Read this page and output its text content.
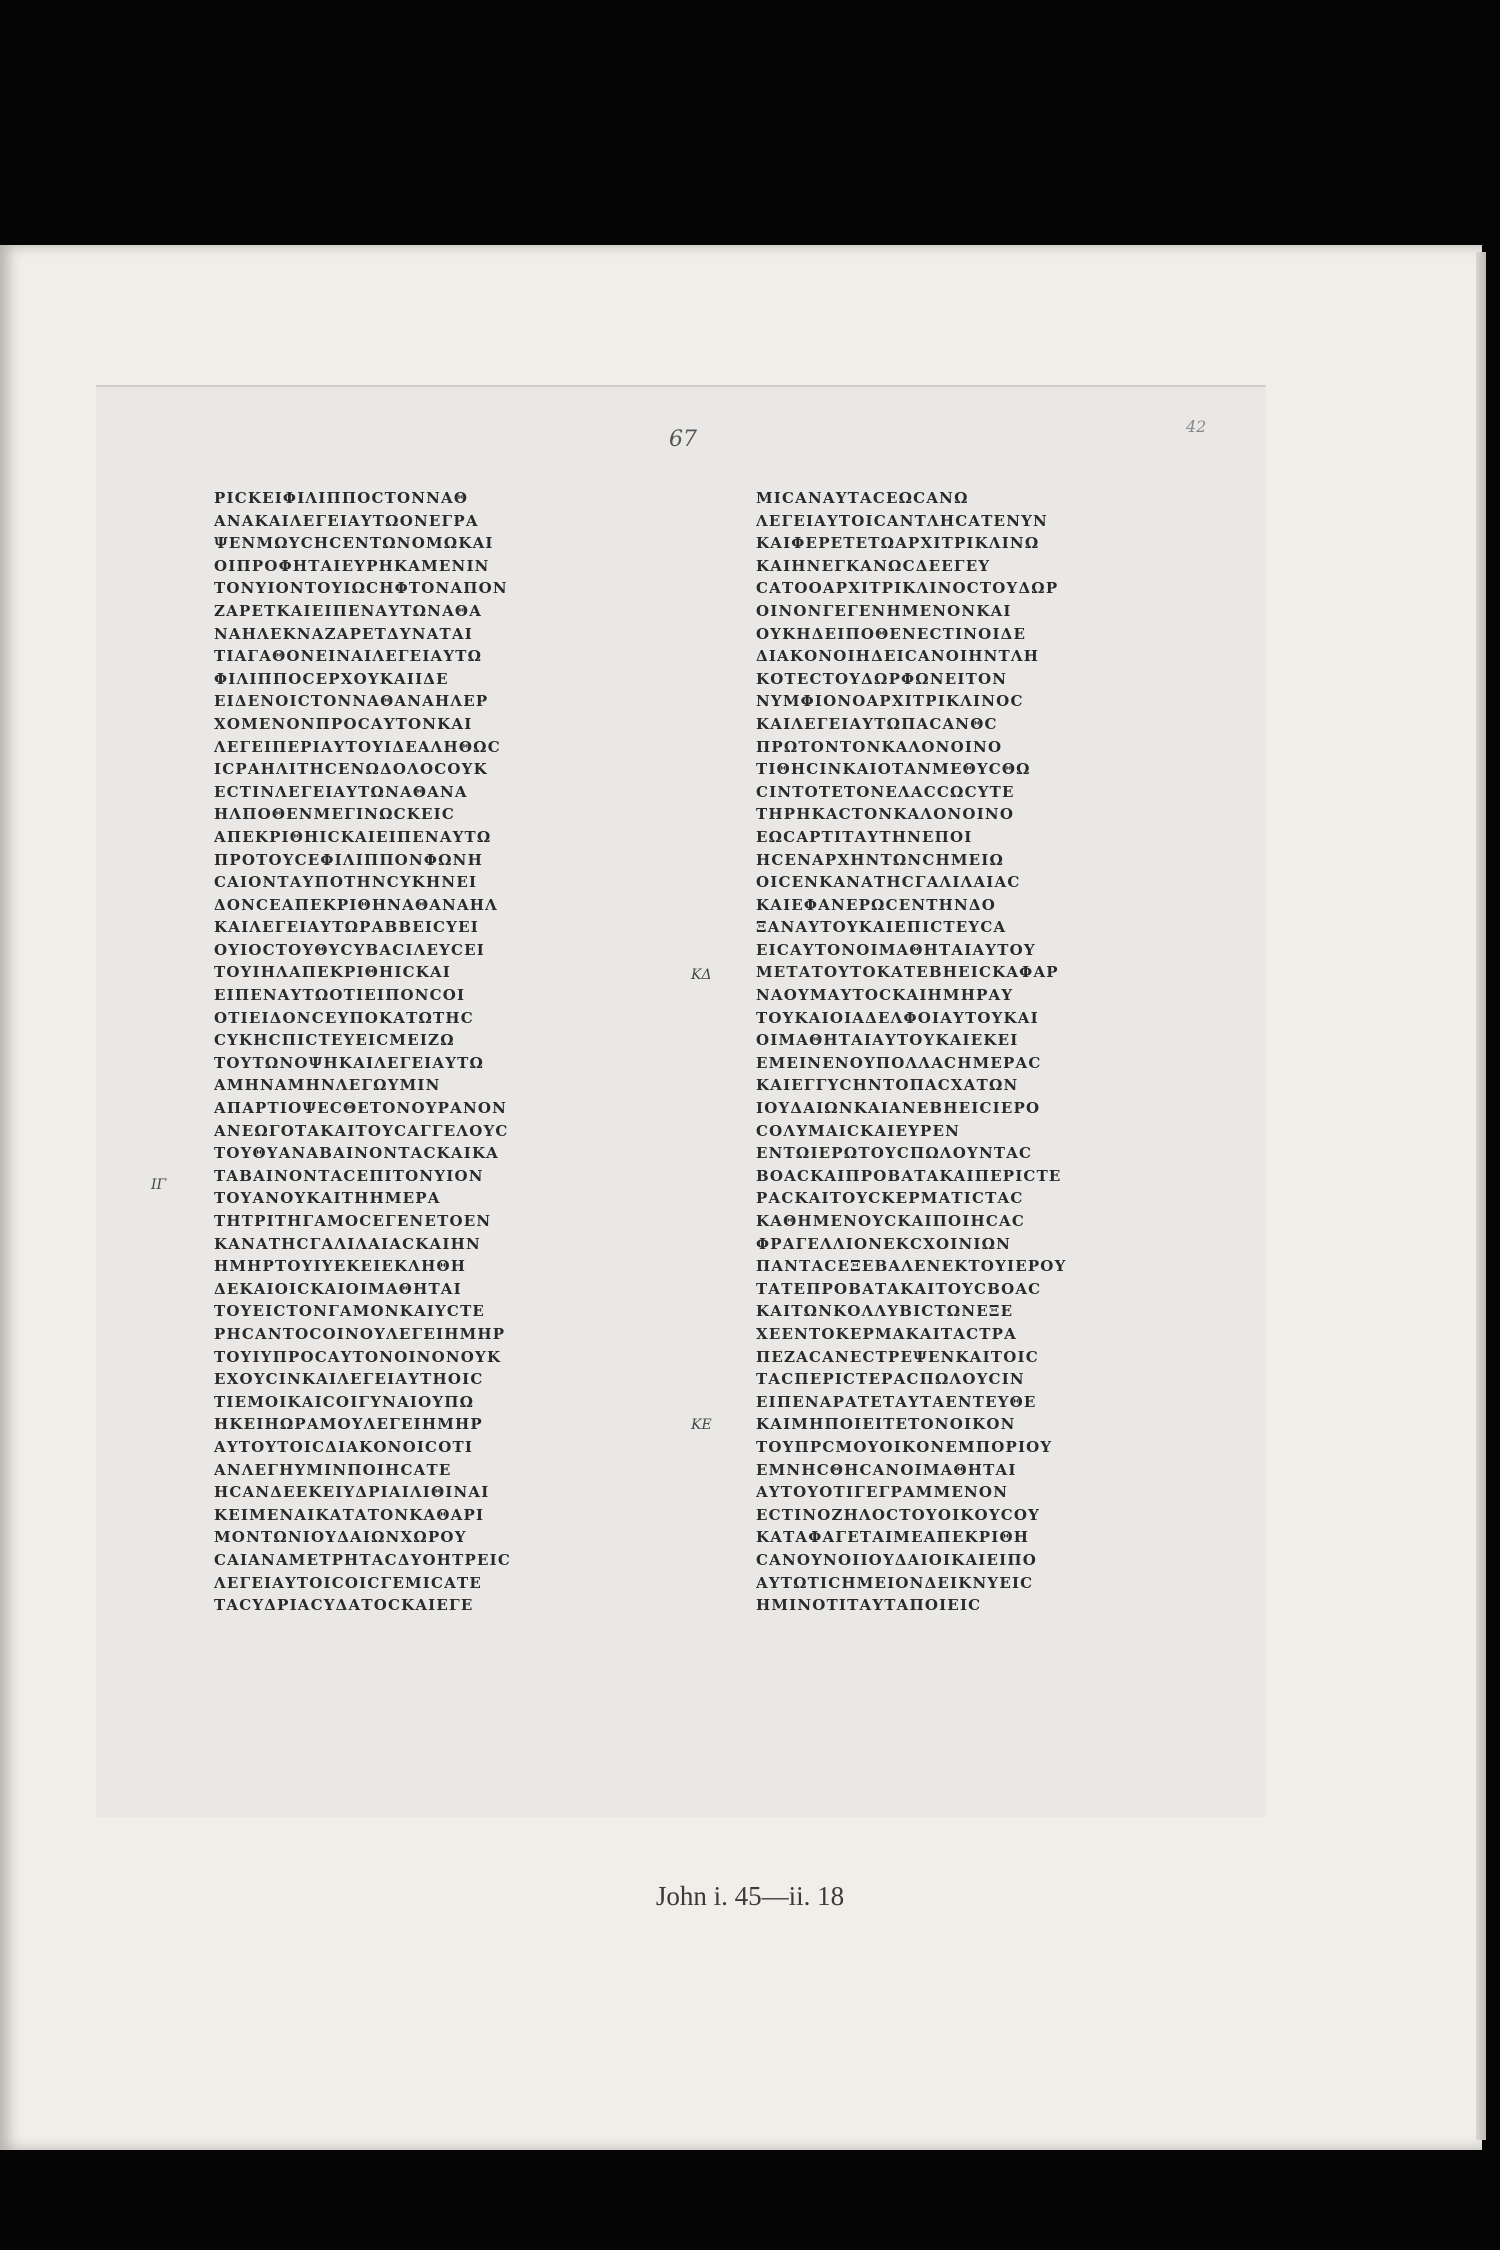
67
42
ΡΙCΚΕΙΦΙΛΙΠΠΟCΤΟΝΝΑΘ
ΑΝΑΚΑΙΛΕΓΕΙΑΥΤΩΟΝΕΓΡΑ
ΨΕΝΜΩΥCΗCΕΝΤΩΝΟΜΩΚΑΙ
ΟΙΠΡΟΦΗΤΑΙΕΥΡΗΚΑΜΕΝΙΝ
ΤΟΝΥΙΟΝΤΟΥΙΩCΗΦΤΟΝΑΠΟΝ
ΖΑΡΕΤΚΑΙΕΙΠΕΝΑΥΤΩΝΑΘΑ
ΝΑΗΛΕΚΝΑΖΑΡΕΤΔΥΝΑΤΑΙ
ΤΙΑΓΑΘΟΝΕΙΝΑΙΛΕΓΕΙΑΥΤΩ
ΦΙΛΙΠΠΟCΕΡΧΟΥΚΑΙΙΔΕ
ΕΙΔΕΝΟΙCΤΟΝΝΑΘΑΝΑΗΛΕΡ
ΧΟΜΕΝΟΝΠΡΟCΑΥΤΟΝΚΑΙ
ΛΕΓΕΙΠΕΡΙΑΥΤΟΥΙΔΕΑΛΗΘΩC
ΙCΡΑΗΛΙΤΗCΕΝΩΔΟΛΟCΟΥΚ
ΕCΤΙΝΛΕΓΕΙΑΥΤΩΝΑΘΑΝΑ
ΗΛΠΟΘΕΝΜΕΓΙΝΩCΚΕΙC
ΑΠΕΚΡΙΘΗΙCΚΑΙΕΙΠΕΝΑΥΤΩ
ΠΡΟΤΟΥCΕΦΙΛΙΠΠΟΝΦΩΝΗ
CΑΙΟΝΤΑΥΠΟΤΗΝCΥΚΗΝΕΙ
ΔΟΝCΕΑΠΕΚΡΙΘΗΝΑΘΑΝΑΗΛ
ΚΑΙΛΕΓΕΙΑΥΤΩΡΑΒΒΕΙCΥΕΙ
ΟΥΙΟCΤΟΥΘΥCΥΒΑCΙΛΕΥCΕΙ
ΤΟΥΙΗΛΑΠΕΚΡΙΘΗΙCΚΑΙ
ΕΙΠΕΝΑΥΤΩΟΤΙΕΙΠΟΝCΟΙ
ΟΤΙΕΙΔΟΝCΕΥΠΟΚΑΤΩΤΗC
CΥΚΗCΠΙCΤΕΥΕΙCΜΕΙΖΩ
ΤΟΥΤΩΝΟΨΗΚΑΙΛΕΓΕΙΑΥΤΩ
ΑΜΗΝΑΜΗΝΛΕΓΩΥΜΙΝ
ΑΠΑΡΤΙΟΨΕCΘΕΤΟΝΟΥΡΑΝΟΝ
ΑΝΕΩΓΟΤΑΚΑΙΤΟΥCΑΓΓΕΛΟΥC
ΤΟΥΘΥΑΝΑΒΑΙΝΟΝΤΑCΚΑΙΚΑ
ΤΑΒΑΙΝΟΝΤΑCΕΠΙΤΟΝΥΙΟΝ
ΤΟΥΑΝΟΥΚΑΙΤΗΗΜΕΡΑ
ΤΗΤΡΙΤΗΓΑΜΟCΕΓΕΝΕΤΟΕΝ
ΚΑΝΑΤΗCΓΑΛΙΛΑΙΑCΚΑΙΗΝ
ΗΜΗΡΤΟΥΙΥΕΚΕΙΕΚΛΗΘΗ
ΔΕΚΑΙΟΙCΚΑΙΟΙΜΑΘΗΤΑΙ
ΤΟΥΕΙCΤΟΝΓΑΜΟΝΚΑΙΥCΤΕ
ΡΗCΑΝΤΟCΟΙΝΟΥΛΕΓΕΙΗΜΗΡ
ΤΟΥΙΥΠΡΟCΑΥΤΟΝΟΙΝΟΝΟΥΚ
ΕΧΟΥCΙΝΚΑΙΛΕΓΕΙΑΥΤΗΟΙC
ΤΙΕΜΟΙΚΑΙCΟΙΓΥΝΑΙΟΥΠΩ
ΗΚΕΙΗΩΡΑΜΟΥΛΕΓΕΙΗΜΗΡ
ΑΥΤΟΥΤΟΙCΔΙΑΚΟΝΟΙCΟΤΙ
ΑΝΛΕΓΗΥΜΙΝΠΟΙΗCΑΤΕ
ΗCΑΝΔΕΕΚΕΙΥΔΡΙΑΙΛΙΘΙΝΑΙ
ΚΕΙΜΕΝΑΙΚΑΤΑΤΟΝΚΑΘΑΡΙ
ΜΟΝΤΩΝΙΟΥΔΑΙΩΝΧΩΡΟΥ
CΑΙΑΝΑΜΕΤΡΗΤΑCΔΥΟΗΤΡΕΙC
ΛΕΓΕΙΑΥΤΟΙCΟΙCΓΕΜΙCΑΤΕ
ΤΑCΥΔΡΙΑCΥΔΑΤΟCΚΑΙΕΓΕ
ΜΙCΑΝΑΥΤΑCΕΩCΑΝΩ
ΛΕΓΕΙΑΥΤΟΙCΑΝΤΛΗCΑΤΕΝΥΝ
ΚΑΙΦΕΡΕΤΕΤΩΑΡΧΙΤΡΙΚΛΙΝΩ
ΚΑΙΗΝΕΓΚΑΝΩCΔΕΕΓΕΥ
CΑΤΟΟΑΡΧΙΤΡΙΚΛΙΝΟCΤΟΥΔΩΡ
ΟΙΝΟΝΓΕΓΕΝΗΜΕΝΟΝΚΑΙ
ΟΥΚΗΔΕΙΠΟΘΕΝΕCΤΙΝΟΙΔΕ
ΔΙΑΚΟΝΟΙΗΔΕΙCΑΝΟΙΗΝΤΛΗ
ΚΟΤΕCΤΟΥΔΩΡΦΩΝΕΙΤΟΝ
ΝΥΜΦΙΟΝΟΑΡΧΙΤΡΙΚΛΙΝΟC
ΚΑΙΛΕΓΕΙΑΥΤΩΠΑCΑΝΘC
ΠΡΩΤΟΝΤΟΝΚΑΛΟΝΟΙΝΟ
ΤΙΘΗCΙΝΚΑΙΟΤΑΝΜΕΘΥCΘΩ
CΙΝΤΟΤΕΤΟΝΕΛΑCCΩCΥΤΕ
ΤΗΡΗΚΑCΤΟΝΚΑΛΟΝΟΙΝΟ
ΕΩCΑΡΤΙΤΑΥΤΗΝΕΠΟΙ
ΗCΕΝΑΡΧΗΝΤΩΝCΗΜΕΙΩ
ΟΙCΕΝΚΑΝΑΤΗCΓΑΛΙΛΑΙΑC
ΚΑΙΕΦΑΝΕΡΩCΕΝΤΗΝΔΟ
ΞΑΝΑΥΤΟΥΚΑΙΕΠΙCΤΕΥCΑ
ΕΙCΑΥΤΟΝΟΙΜΑΘΗΤΑΙΑΥΤΟΥ
ΜΕΤΑΤΟΥΤΟΚΑΤΕΒΗΕΙCΚΑΦΑΡ
ΝΑΟΥΜΑΥΤΟCΚΑΙΗΜΗΡΑΥ
ΤΟΥΚΑΙΟΙΑΔΕΛΦΟΙΑΥΤΟΥΚΑΙ
ΟΙΜΑΘΗΤΑΙΑΥΤΟΥΚΑΙΕΚΕΙ
ΕΜΕΙΝΕΝΟΥΠΟΛΛΑCΗΜΕΡΑC
ΚΑΙΕΓΓΥCΗΝΤΟΠΑCΧΑΤΩΝ
ΙΟΥΔΑΙΩΝΚΑΙΑΝΕΒΗΕΙCΙΕΡΟ
CΟΛΥΜΑΙCΚΑΙΕΥΡΕΝ
ΕΝΤΩΙΕΡΩΤΟΥCΠΩΛΟΥΝΤΑC
ΒΟΑCΚΑΙΠΡΟΒΑΤΑΚΑΙΠΕΡΙCΤΕ
ΡΑCΚΑΙΤΟΥCΚΕΡΜΑΤΙCΤΑC
ΚΑΘΗΜΕΝΟΥCΚΑΙΠΟΙΗCΑC
ΦΡΑΓΕΛΛΙΟΝΕΚCΧΟΙΝΙΩΝ
ΠΑΝΤΑCΕΞΕΒΑΛΕΝΕΚΤΟΥΙΕΡΟΥ
ΤΑΤΕΠΡΟΒΑΤΑΚΑΙΤΟΥCΒΟΑC
ΚΑΙΤΩΝΚΟΛΛΥΒΙCΤΩΝΕΞΕ
ΧΕΕΝΤΟΚΕΡΜΑΚΑΙΤΑCΤΡΑ
ΠΕΖΑCΑΝΕCΤΡΕΨΕΝΚΑΙΤΟΙC
ΤΑCΠΕΡΙCΤΕΡΑCΠΩΛΟΥCΙΝ
ΕΙΠΕΝΑΡΑΤΕΤΑΥΤΑΕΝΤΕΥΘΕ
ΚΑΙΜΗΠΟΙΕΙΤΕΤΟΝΟΙΚΟΝ
ΤΟΥΠΡCΜΟΥΟΙΚΟΝΕΜΠΟΡΙΟΥ
ΕΜΝΗCΘΗCΑΝΟΙΜΑΘΗΤΑΙ
ΑΥΤΟΥΟΤΙΓΕΓΡΑΜΜΕΝΟΝ
ΕCΤΙΝΟΖΗΛΟCΤΟΥΟΙΚΟΥCΟΥ
ΚΑΤΑΦΑΓΕΤΑΙΜΕΑΠΕΚΡΙΘΗ
CΑΝΟΥΝΟΙΙΟΥΔΑΙΟΙΚΑΙΕΙΠΟ
ΑΥΤΩΤΙCΗΜΕΙΟΝΔΕΙΚΝΥΕΙC
ΗΜΙΝΟΤΙΤΑΥΤΑΠΟΙΕΙC
ΙΓ
ΚΔ
ΚΕ
John i. 45—ii. 18
